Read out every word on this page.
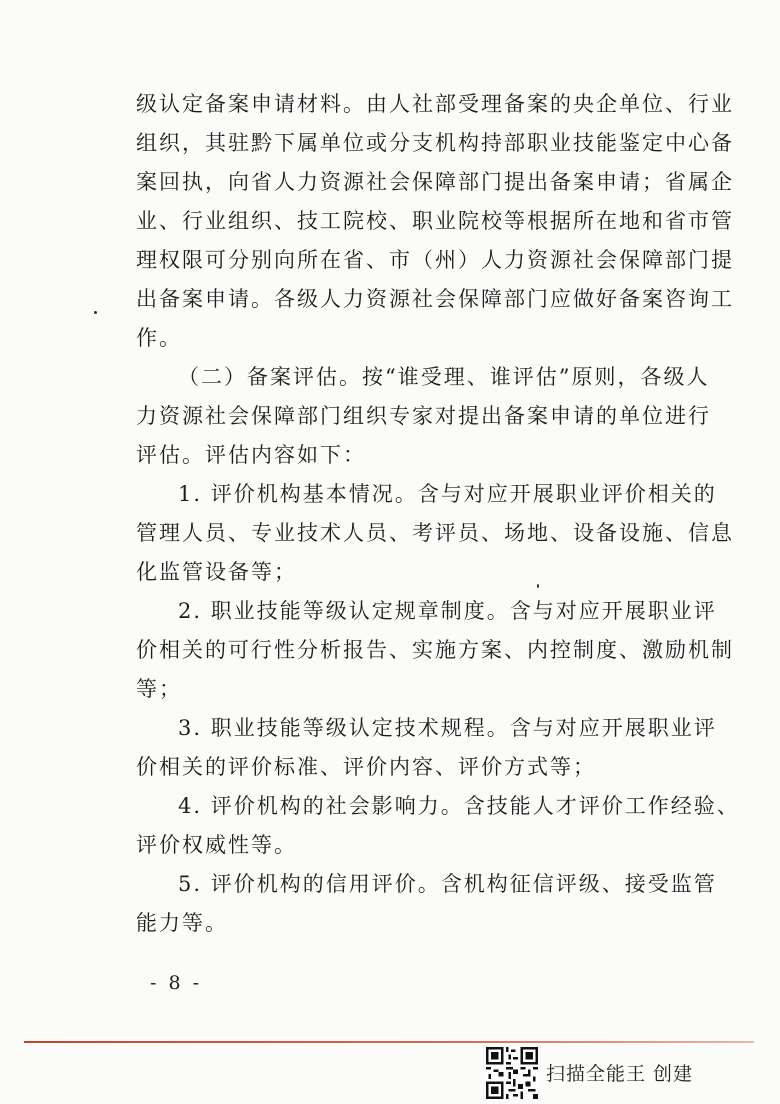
级认定备案申请材料。由人社部受理备案的央企单位、行业
组织，其驻黔下属单位或分支机构持部职业技能鉴定中心备
案回执，向省人力资源社会保障部门提出备案申请；省属企
业、行业组织、技工院校、职业院校等根据所在地和省市管
理权限可分别向所在省、市（州）人力资源社会保障部门提
出备案申请。各级人力资源社会保障部门应做好备案咨询工
作。
（二）备案评估。按“谁受理、谁评估”原则，各级人
力资源社会保障部门组织专家对提出备案申请的单位进行
评估。评估内容如下：
1. 评价机构基本情况。含与对应开展职业评价相关的
管理人员、专业技术人员、考评员、场地、设备设施、信息
化监管设备等；
2. 职业技能等级认定规章制度。含与对应开展职业评
价相关的可行性分析报告、实施方案、内控制度、激励机制
等；
3. 职业技能等级认定技术规程。含与对应开展职业评
价相关的评价标准、评价内容、评价方式等；
4. 评价机构的社会影响力。含技能人才评价工作经验、
评价权威性等。
5. 评价机构的信用评价。含机构征信评级、接受监管
能力等。
- 8 -
扫描全能王 创建
